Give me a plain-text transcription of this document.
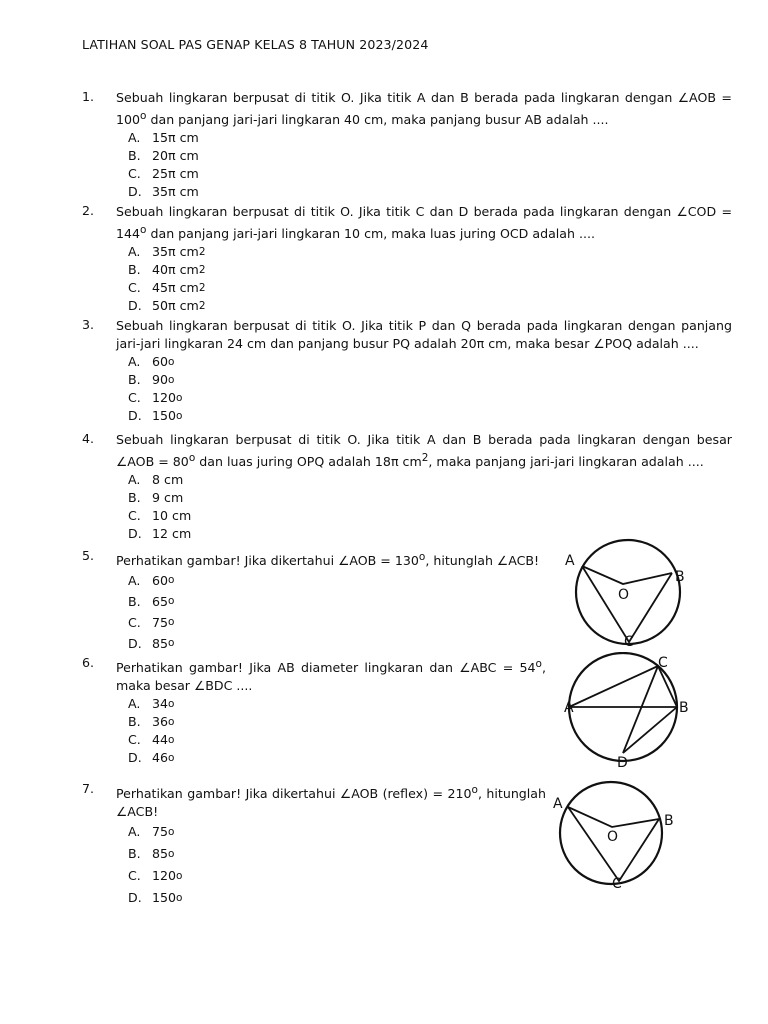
LATIHAN SOAL PAS GENAP KELAS 8 TAHUN 2023/2024
1.	Sebuah lingkaran berpusat di titik O. Jika titik A dan B berada pada lingkaran dengan ∠AOB = $100^o$ dan panjang jari-jari lingkaran 40 cm, maka panjang busur AB adalah ....
A. 15π cm
B. 20π cm
C. 25π cm
D. 35π cm
2.	Sebuah lingkaran berpusat di titik O. Jika titik C dan D berada pada lingkaran dengan ∠COD = $144^o$ dan panjang jari-jari lingkaran 10 cm, maka luas juring OCD adalah ....
A. 35π cm 2
B. 40π cm 2
C. 45π cm 2
D. 50π cm 2
3.	Sebuah lingkaran berpusat di titik O. Jika titik P dan Q berada pada lingkaran dengan panjang jari-jari lingkaran 24 cm dan panjang busur PQ adalah 20π cm, maka besar ∠POQ adalah ....
A. 60 o
B. 90 o
C. 120 o
D. 150 o
4.	Sebuah lingkaran berpusat di titik O. Jika titik A dan B berada pada lingkaran dengan besar ∠AOB = $80^o$ dan luas juring OPQ adalah 18π $cm^2$, maka panjang jari-jari lingkaran adalah ....
A. 8 cm
B. 9 cm
C. 10 cm
D. 12 cm
5.	Perhatikan gambar! Jika dikertahui ∠AOB = $130^o$, hitunglah ∠ACB!
A. 60 o
B. 65 o
C. 75 o
D. 85 o
A
B
O
C
6.	Perhatikan gambar! Jika AB diameter lingkaran dan ∠ABC = $54^o$, maka besar ∠BDC ....
A. 34 o
B. 36 o
C. 44 o
D. 46 o
C
A	B
D
7.	Perhatikan gambar! Jika dikertahui ∠AOB (reflex) = $210^o$, hitunglah ∠ACB!
A. 75 o
B. 85 o
C. 120 o
D. 150 o
A
B
O
C
